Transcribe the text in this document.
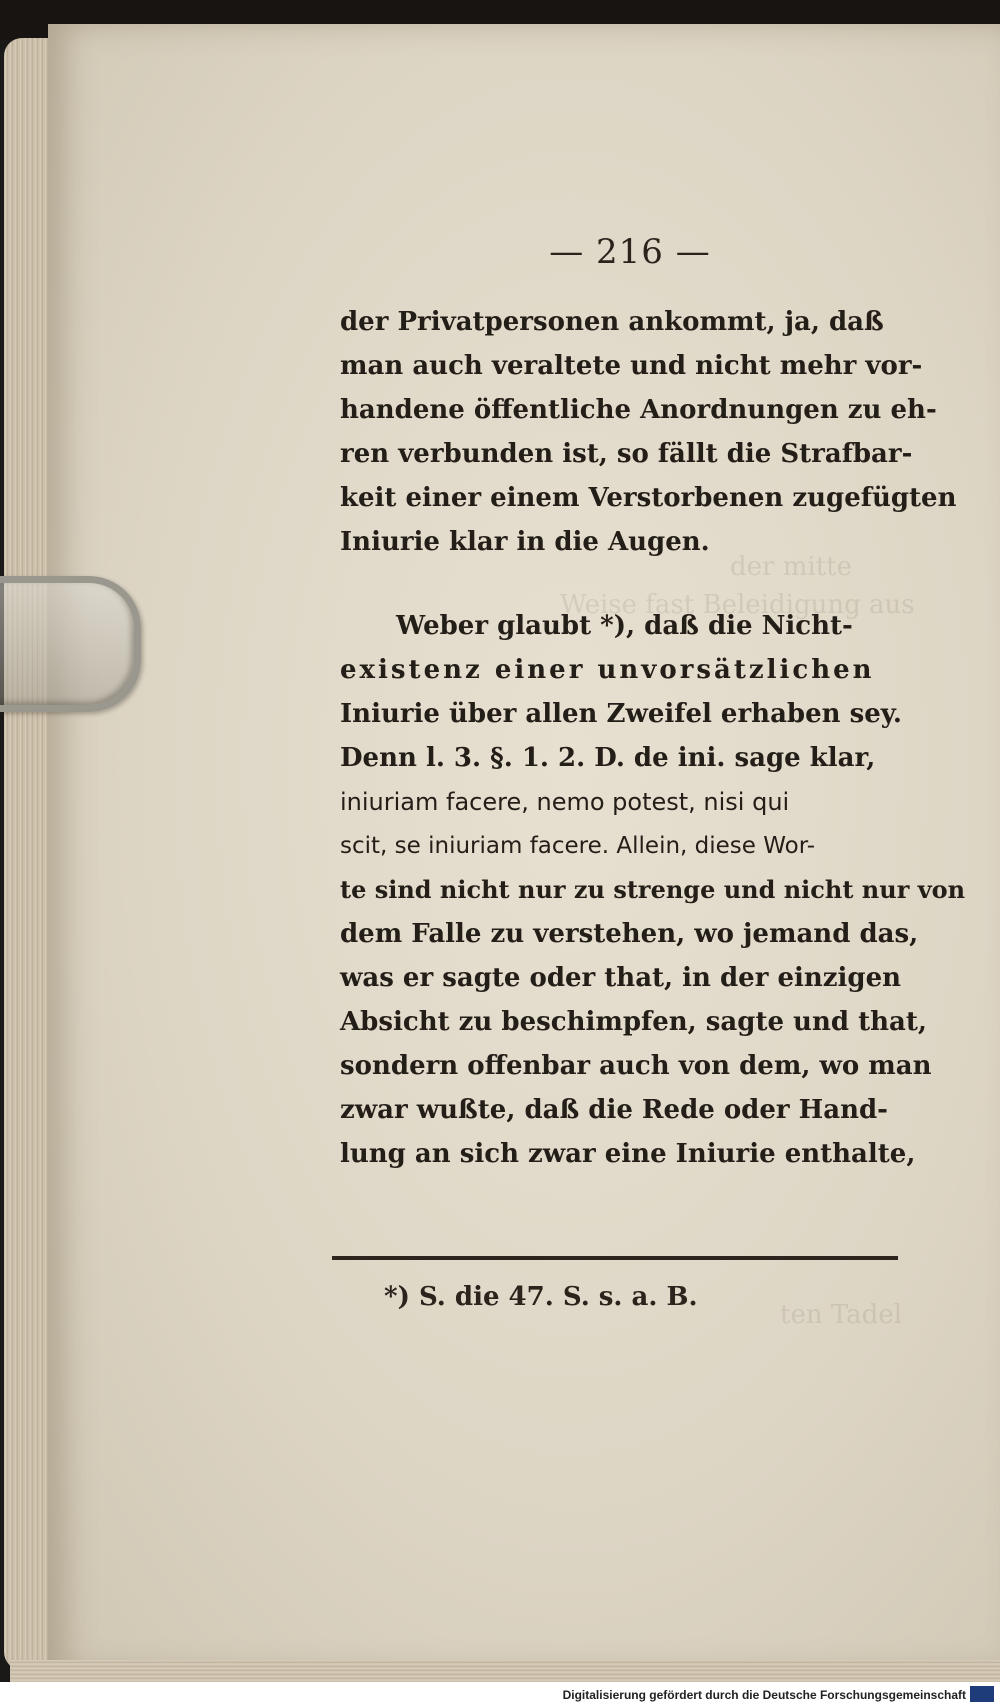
der mitte
Weise fast Beleidigung aus
ten Tadel
— 216 —
der Privatpersonen ankommt, ja, daß
man auch veraltete und nicht mehr vor-
handene öffentliche Anordnungen zu eh-
ren verbunden ist, so fällt die Strafbar-
keit einer einem Verstorbenen zugefügten
Iniurie klar in die Augen.
Weber glaubt *), daß die Nicht-
existenz einer unvorsätzlichen
Iniurie über allen Zweifel erhaben sey.
Denn l. 3. §. 1. 2. D. de ini. sage klar,
iniuriam facere, nemo potest, nisi qui
scit, se iniuriam facere. Allein, diese Wor-
te sind nicht nur zu strenge und nicht nur von
dem Falle zu verstehen, wo jemand das,
was er sagte oder that, in der einzigen
Absicht zu beschimpfen, sagte und that,
sondern offenbar auch von dem, wo man
zwar wußte, daß die Rede oder Hand-
lung an sich zwar eine Iniurie enthalte,
*) S. die 47. S. s. a. B.
Digitalisierung gefördert durch die Deutsche Forschungsgemeinschaft
